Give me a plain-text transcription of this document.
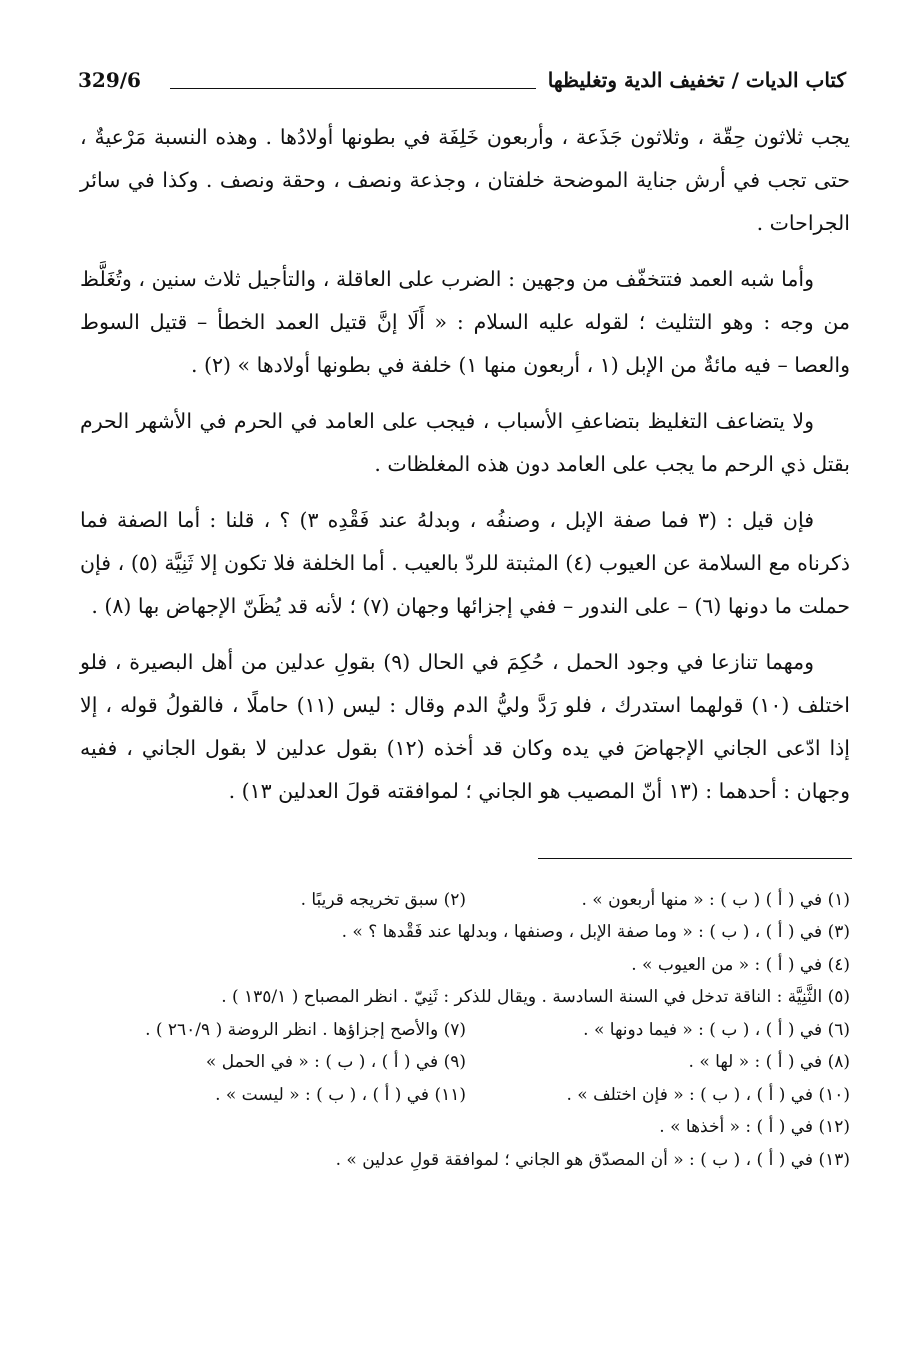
كتاب الديات / تخفيف الدية وتغليظها
329/6

يجب ثلاثون حِقّة ، وثلاثون جَذَعة ، وأربعون خَلِفَة في بطونها أولادُها . وهذه النسبة مَرْعيةٌ ، حتى تجب في أرش جناية الموضحة خلفتان ، وجذعة ونصف ، وحقة ونصف . وكذا في سائر الجراحات .

وأما شبه العمد فتتخفّف من وجهين : الضرب على العاقلة ، والتأجيل ثلاث سنين ، وتُغَلَّظ من وجه : وهو التثليث ؛ لقوله عليه السلام : « أَلَا إنَّ قتيل العمد الخطأ – قتيل السوط والعصا – فيه مائةٌ من الإبل (١ ، أربعون منها ١) خلفة في بطونها أولادها » (٢) .

ولا يتضاعف التغليظ بتضاعفِ الأسباب ، فيجب على العامد في الحرم في الأشهر الحرم بقتل ذي الرحم ما يجب على العامد دون هذه المغلظات .

فإن قيل : (٣ فما صفة الإبل ، وصنفُه ، وبدلهُ عند فَقْدِه ٣) ؟ ، قلنا : أما الصفة فما ذكرناه مع السلامة عن العيوب (٤) المثبتة للردّ بالعيب . أما الخلفة فلا تكون إلا ثَنِيَّة (٥) ، فإن حملت ما دونها (٦) – على الندور – ففي إجزائها وجهان (٧) ؛ لأنه قد يُظَنّ الإجهاض بها (٨) .

ومهما تنازعا في وجود الحمل ، حُكِمَ في الحال (٩) بقولِ عدلين من أهل البصيرة ، فلو اختلف (١٠) قولهما استدرك ، فلو رَدَّ وليُّ الدم وقال : ليس (١١) حاملًا ، فالقولُ قوله ، إلا إذا ادّعى الجاني الإجهاضَ في يده وكان قد أخذه (١٢) بقول عدلين لا بقول الجاني ، ففيه وجهان : أحدهما : (١٣ أنّ المصيب هو الجاني ؛ لموافقته قولَ العدلين ١٣) .

(١) في ( أ ) ( ب ) : « منها أربعون » .
(٢) سبق تخريجه قريبًا .
(٣) في ( أ ) ، ( ب ) : « وما صفة الإبل ، وصنفها ، وبدلها عند فَقْدها ؟ » .
(٤) في ( أ ) : « من العيوب » .
(٥) الثَّنِيَّة : الناقة تدخل في السنة السادسة . ويقال للذكر : ثَنِيّ . انظر المصباح ( ١٣٥/١ ) .
(٦) في ( أ ) ، ( ب ) : « فيما دونها » .
(٧) والأصح إجزاؤها . انظر الروضة ( ٢٦٠/٩ ) .
(٨) في ( أ ) : « لها » .
(٩) في ( أ ) ، ( ب ) : « في الحمل »
(١٠) في ( أ ) ، ( ب ) : « فإن اختلف » .
(١١) في ( أ ) ، ( ب ) : « ليست » .
(١٢) في ( أ ) : « أخذها » .
(١٣) في ( أ ) ، ( ب ) : « أن المصدّق هو الجاني ؛ لموافقة قولِ عدلين » .
